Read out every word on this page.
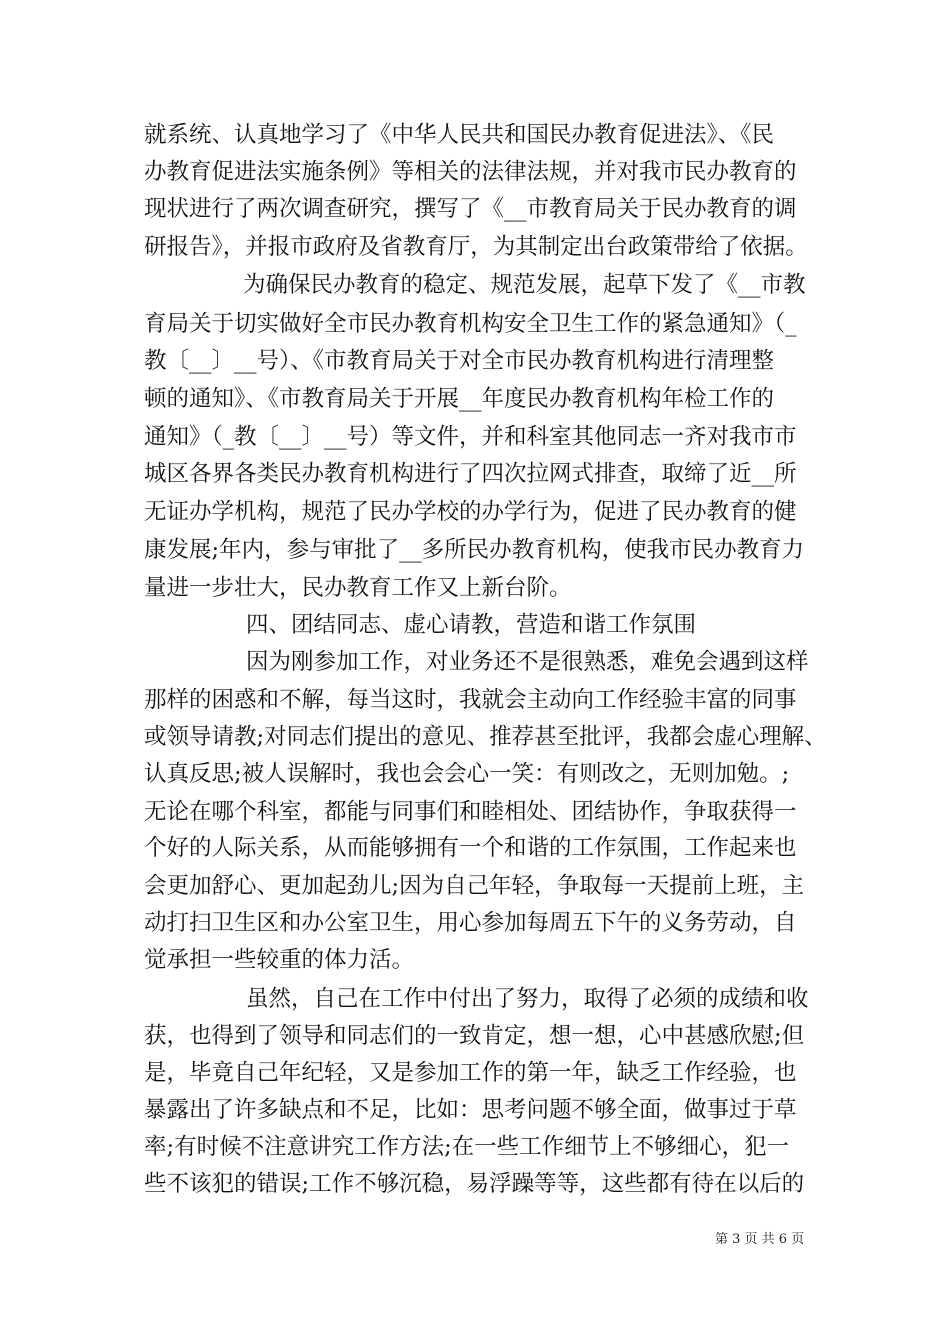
就系统、认真地学习了《中华人民共和国民办教育促进法》、《民
办教育促进法实施条例》等相关的法律法规，并对我市民办教育的
现状进行了两次调查研究，撰写了《__市教育局关于民办教育的调
研报告》，并报市政府及省教育厅，为其制定出台政策带给了依据。
为确保民办教育的稳定、规范发展，起草下发了《__市教
育局关于切实做好全市民办教育机构安全卫生工作的紧急通知》（_
教〔__〕__号）、《市教育局关于对全市民办教育机构进行清理整
顿的通知》、《市教育局关于开展__年度民办教育机构年检工作的
通知》（_教〔__〕__号）等文件，并和科室其他同志一齐对我市市
城区各界各类民办教育机构进行了四次拉网式排查，取缔了近__所
无证办学机构，规范了民办学校的办学行为，促进了民办教育的健
康发展;年内，参与审批了__多所民办教育机构，使我市民办教育力
量进一步壮大，民办教育工作又上新台阶。
四、团结同志、虚心请教，营造和谐工作氛围
因为刚参加工作，对业务还不是很熟悉，难免会遇到这样
那样的困惑和不解，每当这时，我就会主动向工作经验丰富的同事
或领导请教;对同志们提出的意见、推荐甚至批评，我都会虚心理解、
认真反思;被人误解时，我也会会心一笑：有则改之，无则加勉。;
无论在哪个科室，都能与同事们和睦相处、团结协作，争取获得一
个好的人际关系，从而能够拥有一个和谐的工作氛围，工作起来也
会更加舒心、更加起劲儿;因为自己年轻，争取每一天提前上班，主
动打扫卫生区和办公室卫生，用心参加每周五下午的义务劳动，自
觉承担一些较重的体力活。
虽然，自己在工作中付出了努力，取得了必须的成绩和收
获，也得到了领导和同志们的一致肯定，想一想，心中甚感欣慰;但
是，毕竟自己年纪轻，又是参加工作的第一年，缺乏工作经验，也
暴露出了许多缺点和不足，比如：思考问题不够全面，做事过于草
率;有时候不注意讲究工作方法;在一些工作细节上不够细心，犯一
些不该犯的错误;工作不够沉稳，易浮躁等等，这些都有待在以后的
第 3 页 共 6 页
